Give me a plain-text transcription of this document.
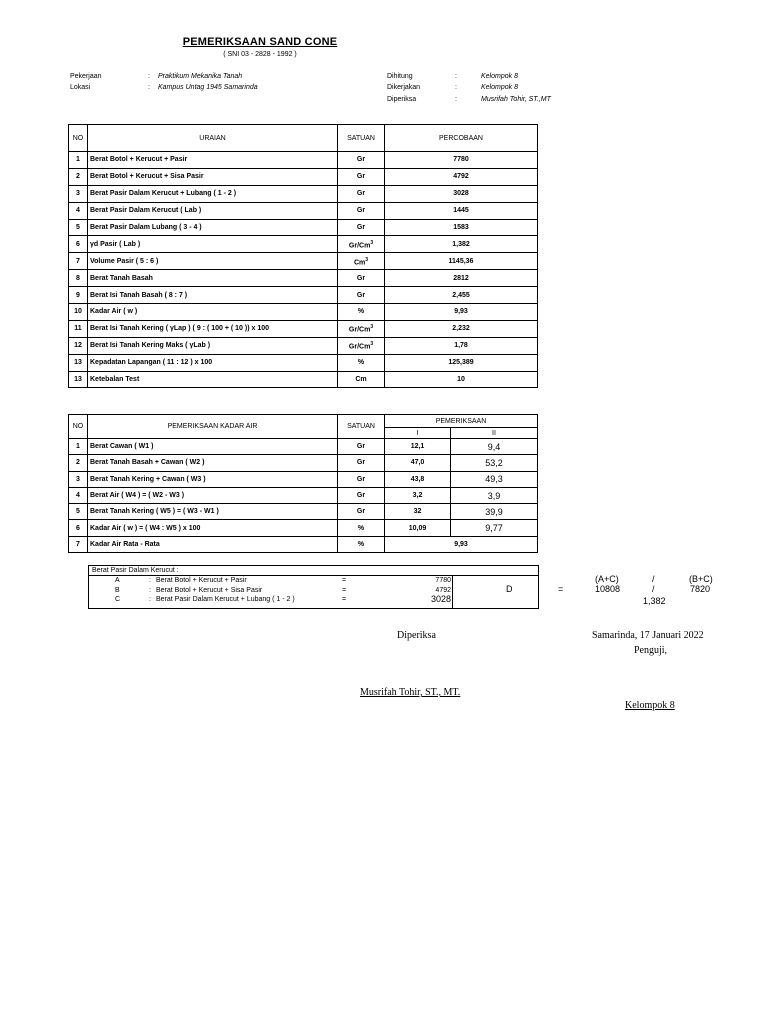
PEMERIKSAAN SAND CONE
( SNI 03 - 2828 - 1992 )
Pekerjaan	:	Praktikum Mekanika Tanah
Lokasi	:	Kampus Untag 1945 Samarinda
Dihitung	:	Kelompok 8
Dikerjakan	:	Kelompok 8
Diperiksa	:	Musrifah Tohir, ST.,MT
NO	URAIAN	SATUAN	PERCOBAAN
1	Berat Botol + Kerucut + Pasir	Gr	7780
2	Berat Botol + Kerucut + Sisa Pasir	Gr	4792
3	Berat Pasir Dalam Kerucut + Lubang ( 1 - 2 )	Gr	3028
4	Berat Pasir Dalam Kerucut ( Lab )	Gr	1445
5	Berat Pasir Dalam Lubang ( 3 - 4 )	Gr	1583
6	γd Pasir ( Lab )	Gr/Cm$^3$	1,382
7	Volume Pasir ( 5 : 6 )	Cm$^3$	1145,36
8	Berat Tanah Basah	Gr	2812
9	Berat Isi Tanah Basah ( 8 : 7 )	Gr	2,455
10	Kadar Air ( w )	%	9,93
11	Berat Isi Tanah Kering ( γLap ) ( 9 : ( 100 + ( 10 )) x 100	Gr/Cm$^3$	2,232
12	Berat Isi Tanah Kering Maks ( γLab )	Gr/Cm$^3$	1,78
13	Kepadatan Lapangan ( 11 : 12 ) x 100	%	125,389
13	Ketebalan Test	Cm	10
NO	PEMERIKSAAN KADAR AIR	SATUAN	PEMERIKSAAN	
			I	II
1	Berat Cawan ( W1 )	Gr	12,1	9,4
2	Berat Tanah Basah + Cawan ( W2 )	Gr	47,0	53,2
3	Berat Tanah Kering + Cawan ( W3 )	Gr	43,8	49,3
4	Berat Air ( W4 ) = ( W2 - W3 )	Gr	3,2	3,9
5	Berat Tanah Kering ( W5 ) = ( W3 - W1 )	Gr	32	39,9
6	Kadar Air ( w ) = ( W4 : W5 ) x 100	%	10,09	9,77
7	Kadar Air Rata - Rata	%	9,93	
Berat Pasir Dalam Kerucut :
A	: Berat Botol + Kerucut + Pasir	=	7780
B	: Berat Botol + Kerucut + Sisa Pasir	=	4792
C	: Berat Pasir Dalam Kerucut + Lubang ( 1 - 2 )	=	3028
(A+C)	/	(B+C)
D	=	10808	/	7820
1,382
Diperiksa	Samarinda, 17 Januari 2022
Penguji,
Musrifah Tohir, ST., MT.
Kelompok 8
